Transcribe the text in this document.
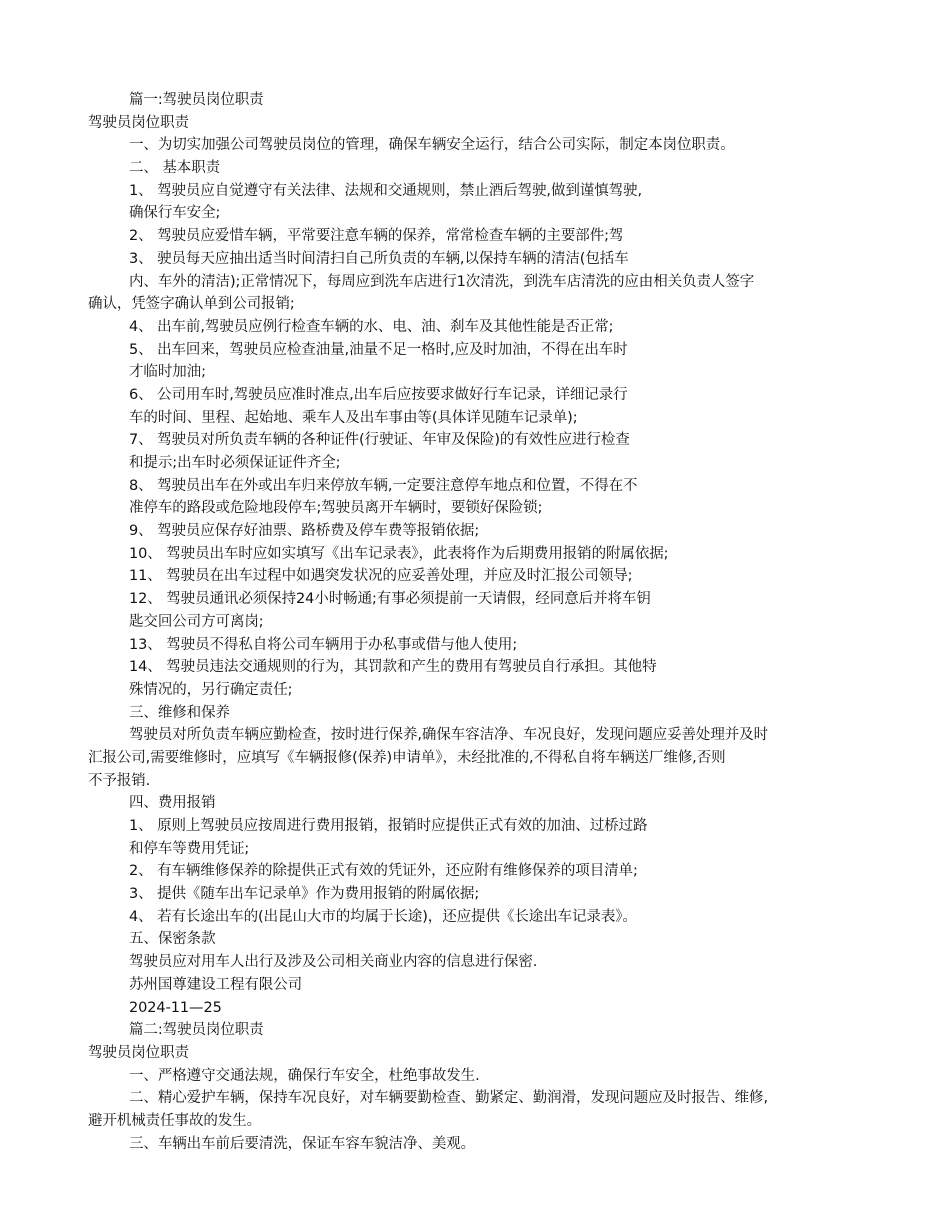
篇一:驾驶员岗位职责
驾驶员岗位职责
一、为切实加强公司驾驶员岗位的管理，确保车辆安全运行，结合公司实际，制定本岗位职责。
二、 基本职责
1、 驾驶员应自觉遵守有关法律、法规和交通规则，禁止酒后驾驶,做到谨慎驾驶,
确保行车安全;
2、 驾驶员应爱惜车辆，平常要注意车辆的保养，常常检查车辆的主要部件;驾
3、 驶员每天应抽出适当时间清扫自己所负责的车辆,以保持车辆的清洁(包括车
内、车外的清洁);正常情况下，每周应到洗车店进行1次清洗，到洗车店清洗的应由相关负责人签字
确认，凭签字确认单到公司报销;
4、 出车前,驾驶员应例行检查车辆的水、电、油、刹车及其他性能是否正常;
5、 出车回来，驾驶员应检查油量,油量不足一格时,应及时加油，不得在出车时
才临时加油;
6、 公司用车时,驾驶员应准时准点,出车后应按要求做好行车记录，详细记录行
车的时间、里程、起始地、乘车人及出车事由等(具体详见随车记录单);
7、 驾驶员对所负责车辆的各种证件(行驶证、年审及保险)的有效性应进行检查
和提示;出车时必须保证证件齐全;
8、 驾驶员出车在外或出车归来停放车辆,一定要注意停车地点和位置，不得在不
准停车的路段或危险地段停车;驾驶员离开车辆时，要锁好保险锁;
9、 驾驶员应保存好油票、路桥费及停车费等报销依据;
10、 驾驶员出车时应如实填写《出车记录表》，此表将作为后期费用报销的附属依据;
11、 驾驶员在出车过程中如遇突发状况的应妥善处理，并应及时汇报公司领导;
12、 驾驶员通讯必须保持24小时畅通;有事必须提前一天请假，经同意后并将车钥
匙交回公司方可离岗;
13、 驾驶员不得私自将公司车辆用于办私事或借与他人使用;
14、 驾驶员违法交通规则的行为，其罚款和产生的费用有驾驶员自行承担。其他特
殊情况的，另行确定责任;
三、维修和保养
驾驶员对所负责车辆应勤检查，按时进行保养,确保车容洁净、车况良好，发现问题应妥善处理并及时
汇报公司,需要维修时，应填写《车辆报修(保养)申请单》，未经批准的,不得私自将车辆送厂维修,否则
不予报销.
四、费用报销
1、 原则上驾驶员应按周进行费用报销，报销时应提供正式有效的加油、过桥过路
和停车等费用凭证;
2、 有车辆维修保养的除提供正式有效的凭证外，还应附有维修保养的项目清单;
3、 提供《随车出车记录单》作为费用报销的附属依据;
4、 若有长途出车的(出昆山大市的均属于长途)，还应提供《长途出车记录表》。
五、保密条款
驾驶员应对用车人出行及涉及公司相关商业内容的信息进行保密.
苏州国尊建设工程有限公司
2024-11—25
篇二:驾驶员岗位职责
驾驶员岗位职责
一、严格遵守交通法规，确保行车安全，杜绝事故发生.
二、精心爱护车辆，保持车况良好，对车辆要勤检查、勤紧定、勤润滑，发现问题应及时报告、维修,
避开机械责任事故的发生。
三、车辆出车前后要清洗，保证车容车貌洁净、美观。
